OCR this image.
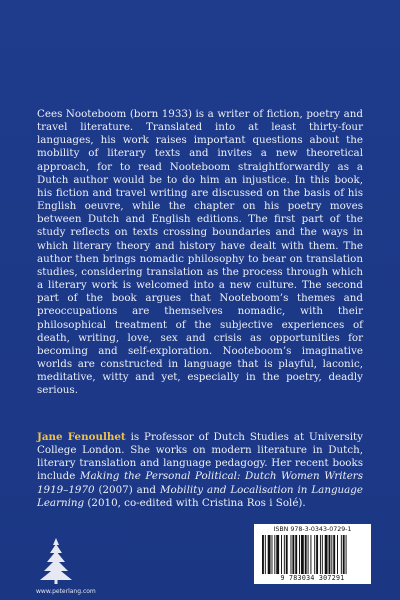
Cees Nooteboom (born 1933) is a writer of fiction, poetry and travel literature. Translated into at least thirty-four languages, his work raises important questions about the mobility of literary texts and invites a new theoretical approach, for to read Nooteboom straightforwardly as a Dutch author would be to do him an injustice. In this book, his fiction and travel writing are discussed on the basis of his English oeuvre, while the chapter on his poetry moves between Dutch and English editions. The first part of the study reflects on texts crossing boundaries and the ways in which literary theory and history have dealt with them. The author then brings nomadic philosophy to bear on translation studies, considering translation as the process through which a literary work is welcomed into a new culture. The second part of the book argues that Nooteboom’s themes and preoccupations are themselves nomadic, with their philosophical treatment of the subjective experiences of death, writing, love, sex and crisis as opportunities for becoming and self-exploration. Nooteboom’s imaginative worlds are constructed in language that is playful, laconic, meditative, witty and yet, especially in the poetry, deadly serious.

Jane Fenoulhet is Professor of Dutch Studies at University College London. She works on modern literature in Dutch, literary translation and language pedagogy. Her recent books include Making the Personal Political: Dutch Women Writers 1919–1970 (2007) and Mobility and Localisation in Language Learning (2010, co-edited with Cristina Ros i Solé).

www.peterlang.com
ISBN 978-3-0343-0729-1
9 783034 307291
